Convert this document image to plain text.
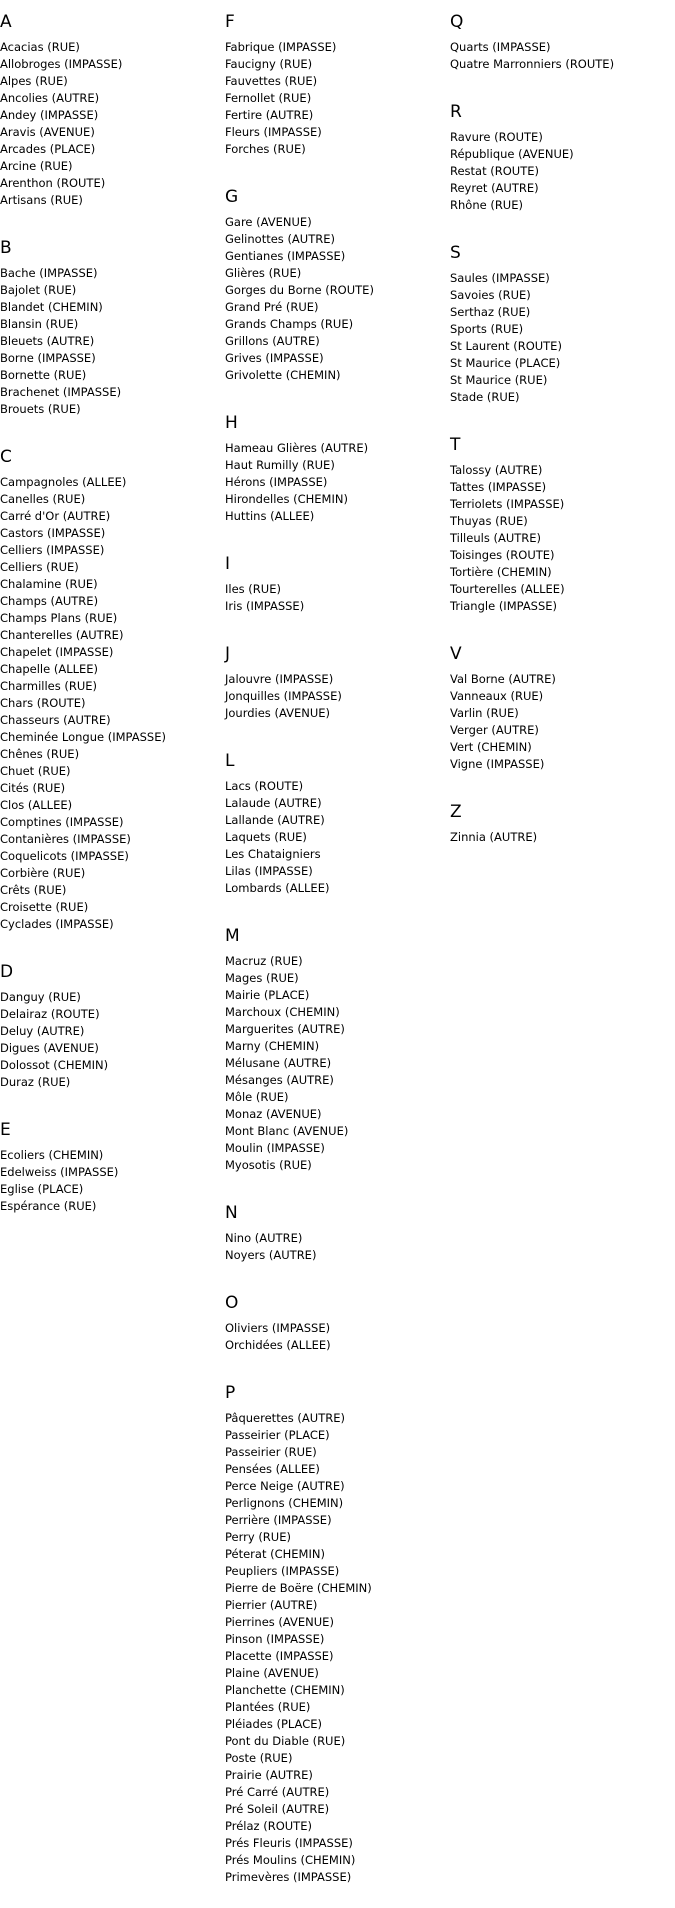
A
Acacias (RUE)
Allobroges (IMPASSE)
Alpes (RUE)
Ancolies (AUTRE)
Andey (IMPASSE)
Aravis (AVENUE)
Arcades (PLACE)
Arcine (RUE)
Arenthon (ROUTE)
Artisans (RUE)
B
Bache (IMPASSE)
Bajolet (RUE)
Blandet (CHEMIN)
Blansin (RUE)
Bleuets (AUTRE)
Borne (IMPASSE)
Bornette (RUE)
Brachenet (IMPASSE)
Brouets (RUE)
C
Campagnoles (ALLEE)
Canelles (RUE)
Carré d'Or (AUTRE)
Castors (IMPASSE)
Celliers (IMPASSE)
Celliers (RUE)
Chalamine (RUE)
Champs (AUTRE)
Champs Plans (RUE)
Chanterelles (AUTRE)
Chapelet (IMPASSE)
Chapelle (ALLEE)
Charmilles (RUE)
Chars (ROUTE)
Chasseurs (AUTRE)
Cheminée Longue (IMPASSE)
Chênes (RUE)
Chuet (RUE)
Cités (RUE)
Clos (ALLEE)
Comptines (IMPASSE)
Contanières (IMPASSE)
Coquelicots (IMPASSE)
Corbière (RUE)
Crêts (RUE)
Croisette (RUE)
Cyclades (IMPASSE)
D
Danguy (RUE)
Delairaz (ROUTE)
Deluy (AUTRE)
Digues (AVENUE)
Dolossot (CHEMIN)
Duraz (RUE)
E
Ecoliers (CHEMIN)
Edelweiss (IMPASSE)
Eglise (PLACE)
Espérance (RUE)
F
Fabrique (IMPASSE)
Faucigny (RUE)
Fauvettes (RUE)
Fernollet (RUE)
Fertire (AUTRE)
Fleurs (IMPASSE)
Forches (RUE)
G
Gare (AVENUE)
Gelinottes (AUTRE)
Gentianes (IMPASSE)
Glières (RUE)
Gorges du Borne (ROUTE)
Grand Pré (RUE)
Grands Champs (RUE)
Grillons (AUTRE)
Grives (IMPASSE)
Grivolette (CHEMIN)
H
Hameau Glières (AUTRE)
Haut Rumilly (RUE)
Hérons (IMPASSE)
Hirondelles (CHEMIN)
Huttins (ALLEE)
I
Iles (RUE)
Iris (IMPASSE)
J
Jalouvre (IMPASSE)
Jonquilles (IMPASSE)
Jourdies (AVENUE)
L
Lacs (ROUTE)
Lalaude (AUTRE)
Lallande (AUTRE)
Laquets (RUE)
Les Chataigniers
Lilas (IMPASSE)
Lombards (ALLEE)
M
Macruz (RUE)
Mages (RUE)
Mairie (PLACE)
Marchoux (CHEMIN)
Marguerites (AUTRE)
Marny (CHEMIN)
Mélusane (AUTRE)
Mésanges (AUTRE)
Môle (RUE)
Monaz (AVENUE)
Mont Blanc (AVENUE)
Moulin (IMPASSE)
Myosotis (RUE)
N
Nino (AUTRE)
Noyers (AUTRE)
O
Oliviers (IMPASSE)
Orchidées (ALLEE)
P
Pâquerettes (AUTRE)
Passeirier (PLACE)
Passeirier (RUE)
Pensées (ALLEE)
Perce Neige (AUTRE)
Perlignons (CHEMIN)
Perrière (IMPASSE)
Perry (RUE)
Péterat (CHEMIN)
Peupliers (IMPASSE)
Pierre de Boëre (CHEMIN)
Pierrier (AUTRE)
Pierrines (AVENUE)
Pinson (IMPASSE)
Placette (IMPASSE)
Plaine (AVENUE)
Planchette (CHEMIN)
Plantées (RUE)
Pléiades (PLACE)
Pont du Diable (RUE)
Poste (RUE)
Prairie (AUTRE)
Pré Carré (AUTRE)
Pré Soleil (AUTRE)
Prélaz (ROUTE)
Prés Fleuris (IMPASSE)
Prés Moulins (CHEMIN)
Primevères (IMPASSE)
Q
Quarts (IMPASSE)
Quatre Marronniers (ROUTE)
R
Ravure (ROUTE)
République (AVENUE)
Restat (ROUTE)
Reyret (AUTRE)
Rhône (RUE)
S
Saules (IMPASSE)
Savoies (RUE)
Serthaz (RUE)
Sports (RUE)
St Laurent (ROUTE)
St Maurice (PLACE)
St Maurice (RUE)
Stade (RUE)
T
Talossy (AUTRE)
Tattes (IMPASSE)
Terriolets (IMPASSE)
Thuyas (RUE)
Tilleuls (AUTRE)
Toisinges (ROUTE)
Tortière (CHEMIN)
Tourterelles (ALLEE)
Triangle (IMPASSE)
V
Val Borne (AUTRE)
Vanneaux (RUE)
Varlin (RUE)
Verger (AUTRE)
Vert (CHEMIN)
Vigne (IMPASSE)
Z
Zinnia (AUTRE)
